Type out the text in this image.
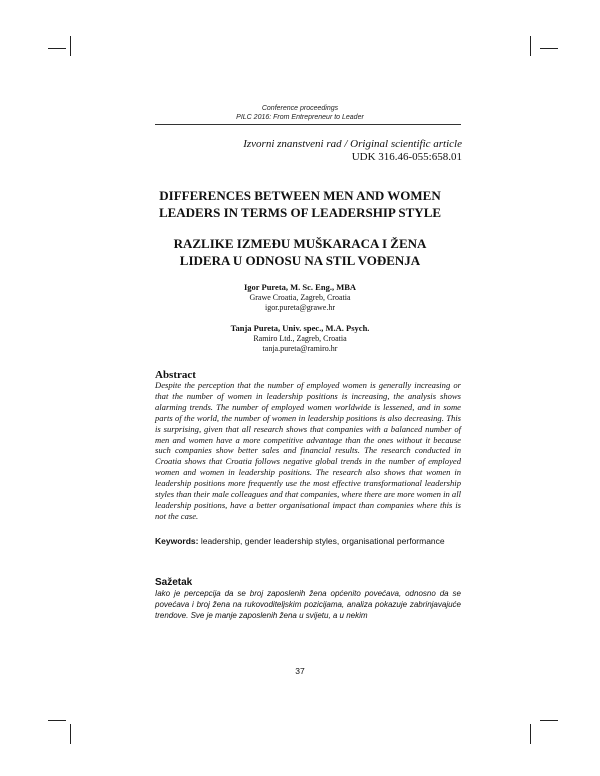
Conference proceedings
PILC 2016: From Entrepreneur to Leader
Izvorni znanstveni rad / Original scientific article
UDK 316.46-055:658.01
DIFFERENCES BETWEEN MEN AND WOMEN
LEADERS IN TERMS OF LEADERSHIP STYLE
RAZLIKE IZMEĐU MUŠKARACA I ŽENA
LIDERA U ODNOSU NA STIL VOĐENJA
Igor Pureta, M. Sc. Eng., MBA
Grawe Croatia, Zagreb, Croatia
igor.pureta@grawe.hr
Tanja Pureta, Univ. spec., M.A. Psych.
Ramiro Ltd., Zagreb, Croatia
tanja.pureta@ramiro.hr
Abstract

Despite the perception that the number of employed women is generally increasing or that the number of women in leadership positions is increasing, the analysis shows alarming trends. The number of employed women worldwide is lessened, and in some parts of the world, the number of women in leadership positions is also decreasing. This is surprising, given that all research shows that companies with a balanced number of men and women have a more competitive advantage than the ones without it because such companies show better sales and financial results. The research conducted in Croatia shows that Croatia follows negative global trends in the number of employed women and women in leadership positions. The research also shows that women in leadership positions more frequently use the most effective transformational leadership styles than their male colleagues and that companies, where there are more women in all leadership positions, have a better organisational impact than companies where this is not the case.

Keywords: leadership, gender leadership styles, organisational performance

Sažetak

Iako je percepcija da se broj zaposlenih žena općenito povećava, odnosno da se povećava i broj žena na rukovoditeljskim pozicijama, analiza pokazuje zabrinjavajuće trendove. Sve je manje zaposlenih žena u svijetu, a u nekim

37
